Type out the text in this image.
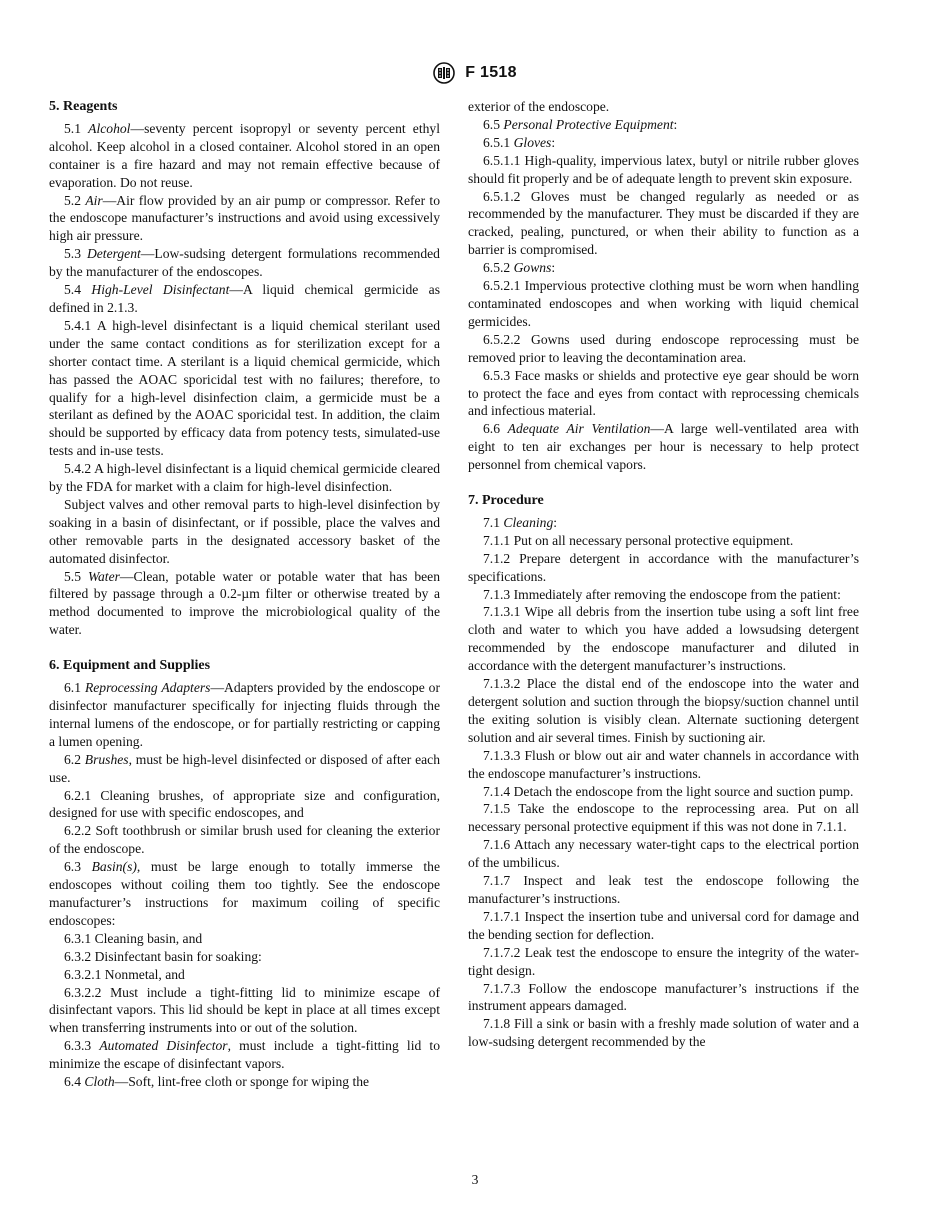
F 1518

5. Reagents

5.1 Alcohol—seventy percent isopropyl or seventy percent ethyl alcohol. Keep alcohol in a closed container. Alcohol stored in an open container is a fire hazard and may not remain effective because of evaporation. Do not reuse.

5.2 Air—Air flow provided by an air pump or compressor. Refer to the endoscope manufacturer’s instructions and avoid using excessively high air pressure.

5.3 Detergent—Low-sudsing detergent formulations recommended by the manufacturer of the endoscopes.

5.4 High-Level Disinfectant—A liquid chemical germicide as defined in 2.1.3.

5.4.1 A high-level disinfectant is a liquid chemical sterilant used under the same contact conditions as for sterilization except for a shorter contact time. A sterilant is a liquid chemical germicide, which has passed the AOAC sporicidal test with no failures; therefore, to qualify for a high-level disinfection claim, a germicide must be a sterilant as defined by the AOAC sporicidal test. In addition, the claim should be supported by efficacy data from potency tests, simulated-use tests and in-use tests.

5.4.2 A high-level disinfectant is a liquid chemical germicide cleared by the FDA for market with a claim for high-level disinfection.

Subject valves and other removal parts to high-level disinfection by soaking in a basin of disinfectant, or if possible, place the valves and other removable parts in the designated accessory basket of the automated disinfector.

5.5 Water—Clean, potable water or potable water that has been filtered by passage through a 0.2-µm filter or otherwise treated by a method documented to improve the microbiological quality of the water.

6. Equipment and Supplies

6.1 Reprocessing Adapters—Adapters provided by the endoscope or disinfector manufacturer specifically for injecting fluids through the internal lumens of the endoscope, or for partially restricting or capping a lumen opening.

6.2 Brushes, must be high-level disinfected or disposed of after each use.

6.2.1 Cleaning brushes, of appropriate size and configuration, designed for use with specific endoscopes, and

6.2.2 Soft toothbrush or similar brush used for cleaning the exterior of the endoscope.

6.3 Basin(s), must be large enough to totally immerse the endoscopes without coiling them too tightly. See the endoscope manufacturer’s instructions for maximum coiling of specific endoscopes:

6.3.1 Cleaning basin, and

6.3.2 Disinfectant basin for soaking:

6.3.2.1 Nonmetal, and

6.3.2.2 Must include a tight-fitting lid to minimize escape of disinfectant vapors. This lid should be kept in place at all times except when transferring instruments into or out of the solution.

6.3.3 Automated Disinfector, must include a tight-fitting lid to minimize the escape of disinfectant vapors.

6.4 Cloth—Soft, lint-free cloth or sponge for wiping the

exterior of the endoscope.

6.5 Personal Protective Equipment:

6.5.1 Gloves:

6.5.1.1 High-quality, impervious latex, butyl or nitrile rubber gloves should fit properly and be of adequate length to prevent skin exposure.

6.5.1.2 Gloves must be changed regularly as needed or as recommended by the manufacturer. They must be discarded if they are cracked, pealing, punctured, or when their ability to function as a barrier is compromised.

6.5.2 Gowns:

6.5.2.1 Impervious protective clothing must be worn when handling contaminated endoscopes and when working with liquid chemical germicides.

6.5.2.2 Gowns used during endoscope reprocessing must be removed prior to leaving the decontamination area.

6.5.3 Face masks or shields and protective eye gear should be worn to protect the face and eyes from contact with reprocessing chemicals and infectious material.

6.6 Adequate Air Ventilation—A large well-ventilated area with eight to ten air exchanges per hour is necessary to help protect personnel from chemical vapors.

7. Procedure

7.1 Cleaning:

7.1.1 Put on all necessary personal protective equipment.

7.1.2 Prepare detergent in accordance with the manufacturer’s specifications.

7.1.3 Immediately after removing the endoscope from the patient:

7.1.3.1 Wipe all debris from the insertion tube using a soft lint free cloth and water to which you have added a lowsudsing detergent recommended by the endoscope manufacturer and diluted in accordance with the detergent manufacturer’s instructions.

7.1.3.2 Place the distal end of the endoscope into the water and detergent solution and suction through the biopsy/suction channel until the exiting solution is visibly clean. Alternate suctioning detergent solution and air several times. Finish by suctioning air.

7.1.3.3 Flush or blow out air and water channels in accordance with the endoscope manufacturer’s instructions.

7.1.4 Detach the endoscope from the light source and suction pump.

7.1.5 Take the endoscope to the reprocessing area. Put on all necessary personal protective equipment if this was not done in 7.1.1.

7.1.6 Attach any necessary water-tight caps to the electrical portion of the umbilicus.

7.1.7 Inspect and leak test the endoscope following the manufacturer’s instructions.

7.1.7.1 Inspect the insertion tube and universal cord for damage and the bending section for deflection.

7.1.7.2 Leak test the endoscope to ensure the integrity of the water-tight design.

7.1.7.3 Follow the endoscope manufacturer’s instructions if the instrument appears damaged.

7.1.8 Fill a sink or basin with a freshly made solution of water and a low-sudsing detergent recommended by the

3
